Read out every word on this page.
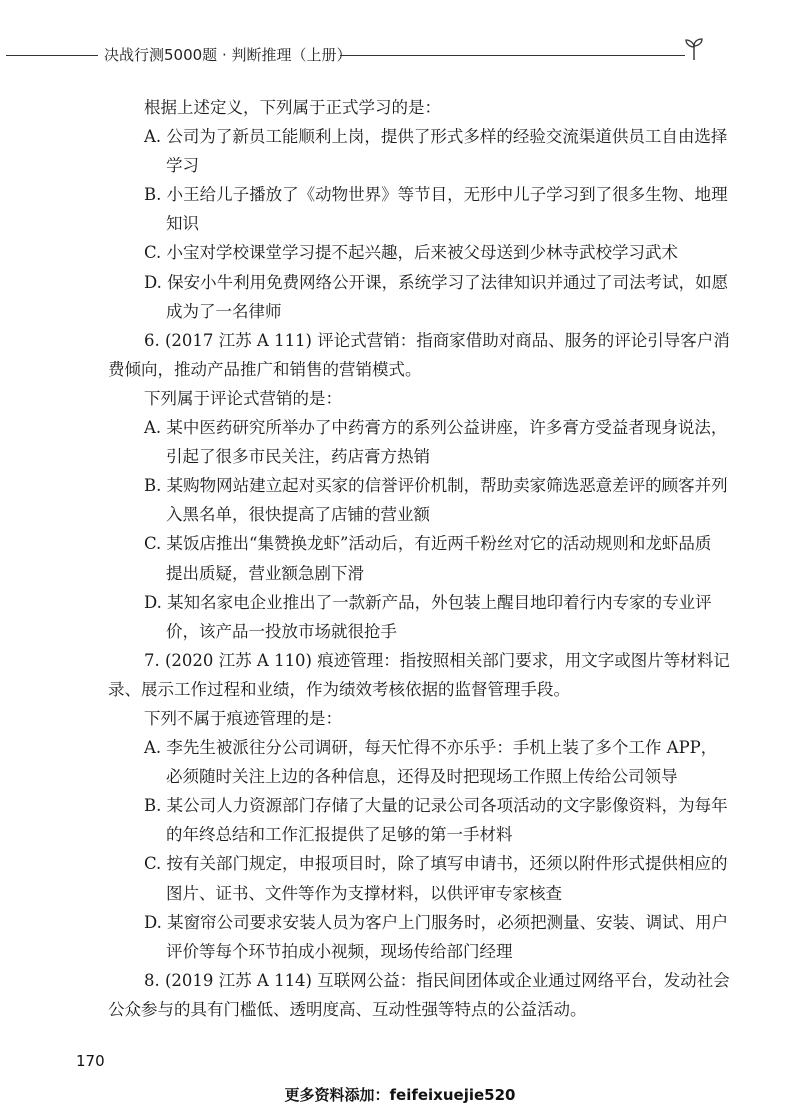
决战行测5000题 · 判断推理（上册）
根据上述定义，下列属于正式学习的是：
A. 公司为了新员工能顺利上岗，提供了形式多样的经验交流渠道供员工自由选择
学习
B. 小王给儿子播放了《动物世界》等节目，无形中儿子学习到了很多生物、地理
知识
C. 小宝对学校课堂学习提不起兴趣，后来被父母送到少林寺武校学习武术
D. 保安小牛利用免费网络公开课，系统学习了法律知识并通过了司法考试，如愿
成为了一名律师
6. (2017 江苏 A 111) 评论式营销：指商家借助对商品、服务的评论引导客户消
费倾向，推动产品推广和销售的营销模式。
下列属于评论式营销的是：
A. 某中医药研究所举办了中药膏方的系列公益讲座，许多膏方受益者现身说法，
引起了很多市民关注，药店膏方热销
B. 某购物网站建立起对买家的信誉评价机制，帮助卖家筛选恶意差评的顾客并列
入黑名单，很快提高了店铺的营业额
C. 某饭店推出“集赞换龙虾”活动后，有近两千粉丝对它的活动规则和龙虾品质
提出质疑，营业额急剧下滑
D. 某知名家电企业推出了一款新产品，外包装上醒目地印着行内专家的专业评
价，该产品一投放市场就很抢手
7. (2020 江苏 A 110) 痕迹管理：指按照相关部门要求，用文字或图片等材料记
录、展示工作过程和业绩，作为绩效考核依据的监督管理手段。
下列不属于痕迹管理的是：
A. 李先生被派往分公司调研，每天忙得不亦乐乎：手机上装了多个工作 APP，
必须随时关注上边的各种信息，还得及时把现场工作照上传给公司领导
B. 某公司人力资源部门存储了大量的记录公司各项活动的文字影像资料，为每年
的年终总结和工作汇报提供了足够的第一手材料
C. 按有关部门规定，申报项目时，除了填写申请书，还须以附件形式提供相应的
图片、证书、文件等作为支撑材料，以供评审专家核查
D. 某窗帘公司要求安装人员为客户上门服务时，必须把测量、安装、调试、用户
评价等每个环节拍成小视频，现场传给部门经理
8. (2019 江苏 A 114) 互联网公益：指民间团体或企业通过网络平台，发动社会
公众参与的具有门槛低、透明度高、互动性强等特点的公益活动。
170
更多资料添加：feifeixuejie520
